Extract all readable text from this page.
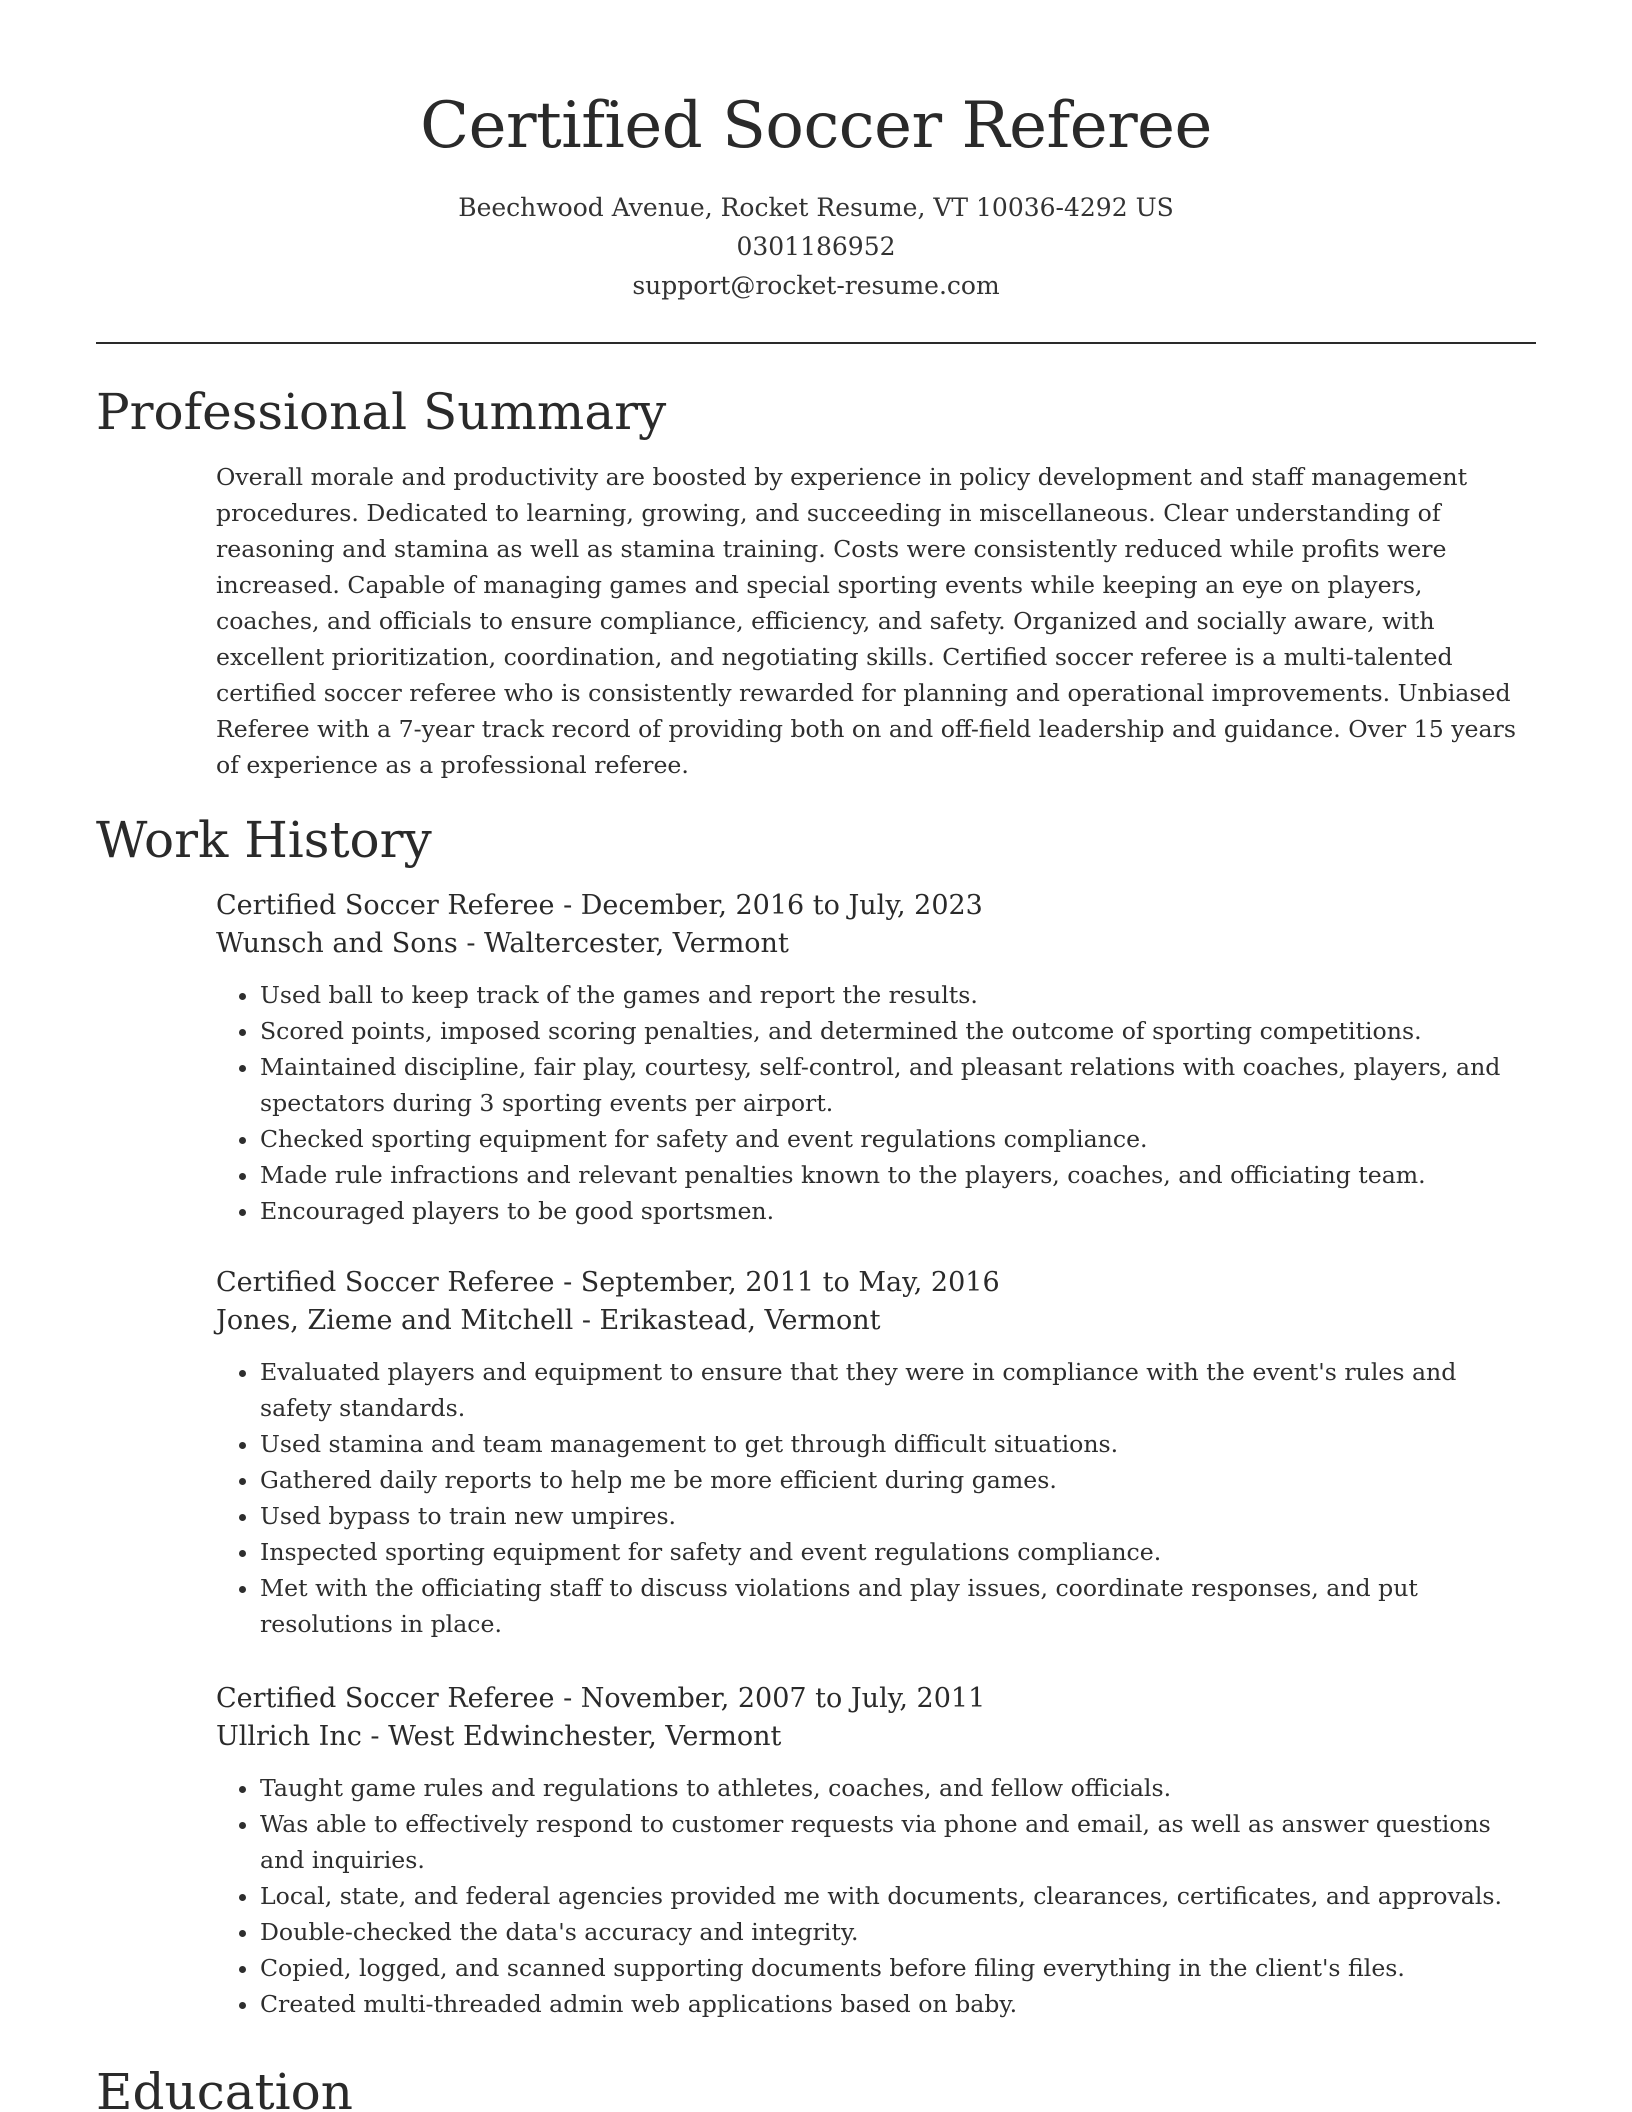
Certified Soccer Referee
Beechwood Avenue, Rocket Resume, VT 10036-4292 US
0301186952
support@rocket-resume.com
Professional Summary
Overall morale and productivity are boosted by experience in policy development and staff management procedures. Dedicated to learning, growing, and succeeding in miscellaneous. Clear understanding of reasoning and stamina as well as stamina training. Costs were consistently reduced while profits were increased. Capable of managing games and special sporting events while keeping an eye on players, coaches, and officials to ensure compliance, efficiency, and safety. Organized and socially aware, with excellent prioritization, coordination, and negotiating skills. Certified soccer referee is a multi-talented certified soccer referee who is consistently rewarded for planning and operational improvements. Unbiased Referee with a 7-year track record of providing both on and off-field leadership and guidance. Over 15 years of experience as a professional referee.
Work History
Certified Soccer Referee - December, 2016 to July, 2023
Wunsch and Sons - Waltercester, Vermont
• Used ball to keep track of the games and report the results.
• Scored points, imposed scoring penalties, and determined the outcome of sporting competitions.
• Maintained discipline, fair play, courtesy, self-control, and pleasant relations with coaches, players, and spectators during 3 sporting events per airport.
• Checked sporting equipment for safety and event regulations compliance.
• Made rule infractions and relevant penalties known to the players, coaches, and officiating team.
• Encouraged players to be good sportsmen.
Certified Soccer Referee - September, 2011 to May, 2016
Jones, Zieme and Mitchell - Erikastead, Vermont
• Evaluated players and equipment to ensure that they were in compliance with the event's rules and safety standards.
• Used stamina and team management to get through difficult situations.
• Gathered daily reports to help me be more efficient during games.
• Used bypass to train new umpires.
• Inspected sporting equipment for safety and event regulations compliance.
• Met with the officiating staff to discuss violations and play issues, coordinate responses, and put resolutions in place.
Certified Soccer Referee - November, 2007 to July, 2011
Ullrich Inc - West Edwinchester, Vermont
• Taught game rules and regulations to athletes, coaches, and fellow officials.
• Was able to effectively respond to customer requests via phone and email, as well as answer questions and inquiries.
• Local, state, and federal agencies provided me with documents, clearances, certificates, and approvals.
• Double-checked the data's accuracy and integrity.
• Copied, logged, and scanned supporting documents before filing everything in the client's files.
• Created multi-threaded admin web applications based on baby.
Education
